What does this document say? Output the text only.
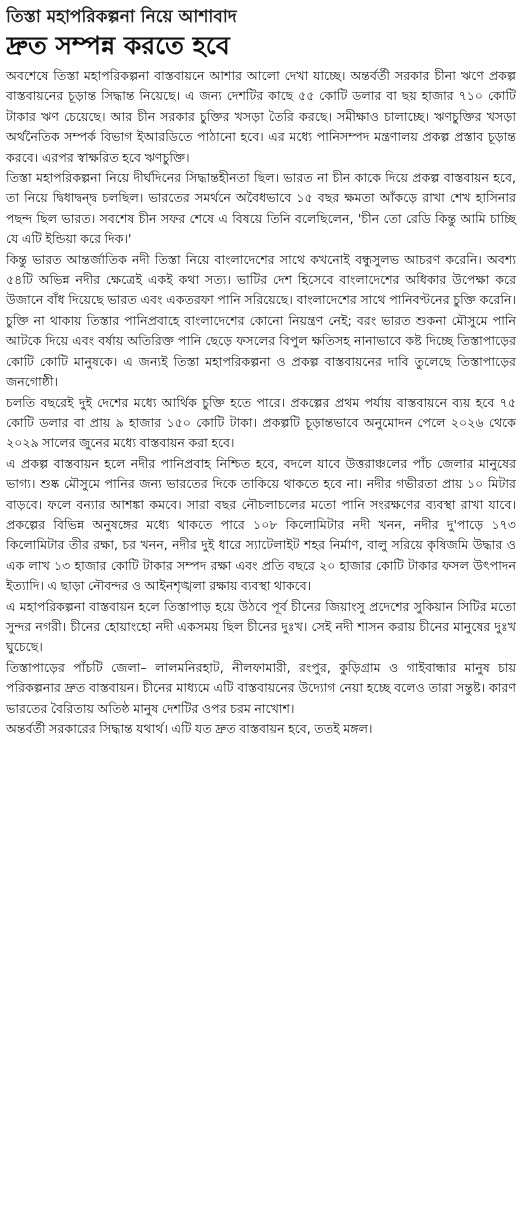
তিস্তা মহাপরিকল্পনা নিয়ে আশাবাদ
দ্রুত সম্পন্ন করতে হবে

অবশেষে তিস্তা মহাপরিকল্পনা বাস্তবায়নে আশার আলো দেখা যাচ্ছে। অন্তর্বর্তী সরকার চীনা ঋণে প্রকল্প বাস্তবায়নের চূড়ান্ত সিদ্ধান্ত নিয়েছে। এ জন্য দেশটির কাছে ৫৫ কোটি ডলার বা ছয় হাজার ৭১০ কোটি টাকার ঋণ চেয়েছে। আর চীন সরকার চুক্তির খসড়া তৈরি করছে। সমীক্ষাও চালাচ্ছে। ঋণচুক্তির খসড়া অর্থনৈতিক সম্পর্ক বিভাগ ইআরডিতে পাঠানো হবে। এর মধ্যে পানিসম্পদ মন্ত্রণালয় প্রকল্প প্রস্তাব চূড়ান্ত করবে। এরপর স্বাক্ষরিত হবে ঋণচুক্তি।

তিস্তা মহাপরিকল্পনা নিয়ে দীর্ঘদিনের সিদ্ধান্তহীনতা ছিল। ভারত না চীন কাকে দিয়ে প্রকল্প বাস্তবায়ন হবে, তা নিয়ে দ্বিধাদ্বন্দ্ব চলছিল। ভারতের সমর্থনে অবৈধভাবে ১৫ বছর ক্ষমতা আঁকড়ে রাখা শেখ হাসিনার পছন্দ ছিল ভারত। সবশেষ চীন সফর শেষে এ বিষয়ে তিনি বলেছিলেন, 'চীন তো রেডি কিন্তু আমি চাচ্ছি যে এটি ইন্ডিয়া করে দিক।'

কিন্তু ভারত আন্তর্জাতিক নদী তিস্তা নিয়ে বাংলাদেশের সাথে কখনোই বন্ধুসুলভ আচরণ করেনি। অবশ্য ৫৪টি অভিন্ন নদীর ক্ষেত্রেই একই কথা সত্য। ভাটির দেশ হিসেবে বাংলাদেশের অধিকার উপেক্ষা করে উজানে বাঁধ দিয়েছে ভারত এবং একতরফা পানি সরিয়েছে। বাংলাদেশের সাথে পানিবণ্টনের চুক্তি করেনি। চুক্তি না থাকায় তিস্তার পানিপ্রবাহে বাংলাদেশের কোনো নিয়ন্ত্রণ নেই; বরং ভারত শুকনা মৌসুমে পানি আটকে দিয়ে এবং বর্ষায় অতিরিক্ত পানি ছেড়ে ফসলের বিপুল ক্ষতিসহ নানাভাবে কষ্ট দিচ্ছে তিস্তাপাড়ের কোটি কোটি মানুষকে। এ জন্যই তিস্তা মহাপরিকল্পনা ও প্রকল্প বাস্তবায়নের দাবি তুলেছে তিস্তাপাড়ের জনগোষ্ঠী।

চলতি বছরেই দুই দেশের মধ্যে আর্থিক চুক্তি হতে পারে। প্রকল্পের প্রথম পর্যায় বাস্তবায়নে ব্যয় হবে ৭৫ কোটি ডলার বা প্রায় ৯ হাজার ১৫০ কোটি টাকা। প্রকল্পটি চূড়ান্তভাবে অনুমোদন পেলে ২০২৬ থেকে ২০২৯ সালের জুনের মধ্যে বাস্তবায়ন করা হবে।

এ প্রকল্প বাস্তবায়ন হলে নদীর পানিপ্রবাহ নিশ্চিত হবে, বদলে যাবে উত্তরাঞ্চলের পাঁচ জেলার মানুষের ভাগ্য। শুষ্ক মৌসুমে পানির জন্য ভারতের দিকে তাকিয়ে থাকতে হবে না। নদীর গভীরতা প্রায় ১০ মিটার বাড়বে। ফলে বন্যার আশঙ্কা কমবে। সারা বছর নৌচলাচলের মতো পানি সংরক্ষণের ব্যবস্থা রাখা যাবে। প্রকল্পের বিভিন্ন অনুষঙ্গের মধ্যে থাকতে পারে ১০৮ কিলোমিটার নদী খনন, নদীর দু'পাড়ে ১৭৩ কিলোমিটার তীর রক্ষা, চর খনন, নদীর দুই ধারে স্যাটেলাইট শহর নির্মাণ, বালু সরিয়ে কৃষিজমি উদ্ধার ও এক লাখ ১৩ হাজার কোটি টাকার সম্পদ রক্ষা এবং প্রতি বছরে ২০ হাজার কোটি টাকার ফসল উৎপাদন ইত্যাদি। এ ছাড়া নৌবন্দর ও আইনশৃঙ্খলা রক্ষায় ব্যবস্থা থাকবে।

এ মহাপরিকল্পনা বাস্তবায়ন হলে তিস্তাপাড় হয়ে উঠবে পূর্ব চীনের জিয়াংসু প্রদেশের সুকিয়ান সিটির মতো সুন্দর নগরী। চীনের হোয়াংহো নদী একসময় ছিল চীনের দুঃখ। সেই নদী শাসন করায় চীনের মানুষের দুঃখ ঘুচেছে।

তিস্তাপাড়ের পাঁচটি জেলা– লালমনিরহাট, নীলফামারী, রংপুর, কুড়িগ্রাম ও গাইবান্ধার মানুষ চায় পরিকল্পনার দ্রুত বাস্তবায়ন। চীনের মাধ্যমে এটি বাস্তবায়নের উদ্যোগ নেয়া হচ্ছে বলেও তারা সন্তুষ্ট। কারণ ভারতের বৈরিতায় অতিষ্ঠ মানুষ দেশটির ওপর চরম নাখোশ।

অন্তর্বর্তী সরকারের সিদ্ধান্ত যথার্থ। এটি যত দ্রুত বাস্তবায়ন হবে, ততই মঙ্গল।
